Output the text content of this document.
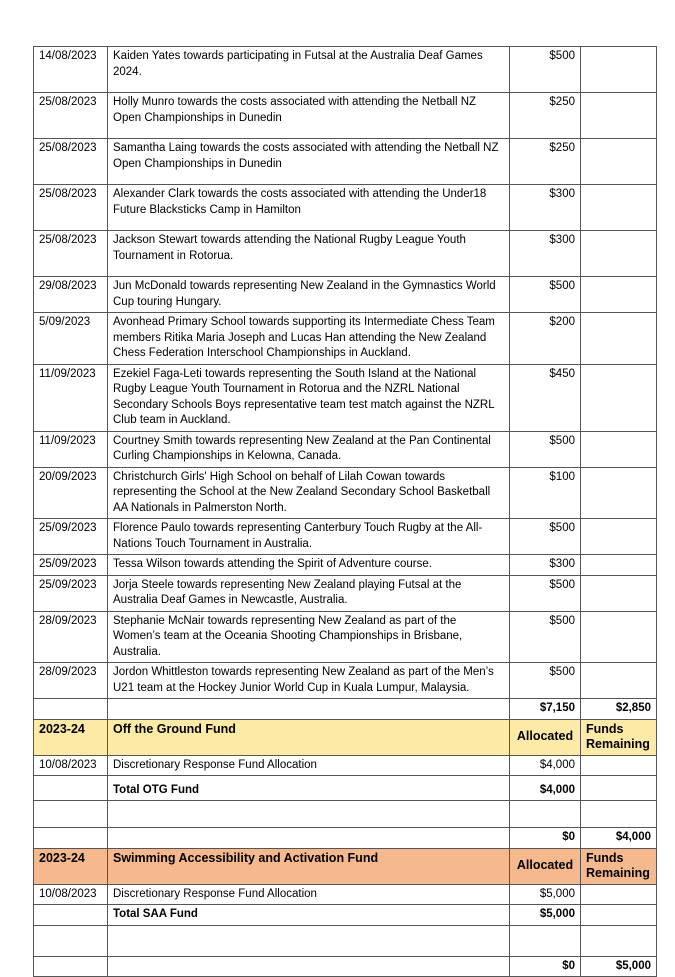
14/08/2023	Kaiden Yates towards participating in Futsal at the Australia Deaf Games 2024.	$500	
25/08/2023	Holly Munro towards the costs associated with attending the Netball NZ Open Championships in Dunedin	$250	
25/08/2023	Samantha Laing towards the costs associated with attending the Netball NZ Open Championships in Dunedin	$250	
25/08/2023	Alexander Clark towards the costs associated with attending the Under18 Future Blacksticks Camp in Hamilton	$300	
25/08/2023	Jackson Stewart towards attending the National Rugby League Youth Tournament in Rotorua.	$300	
29/08/2023	Jun McDonald towards representing New Zealand in the Gymnastics World Cup touring Hungary.	$500	
5/09/2023	Avonhead Primary School towards supporting its Intermediate Chess Team members Ritika Maria Joseph and Lucas Han attending the New Zealand Chess Federation Interschool Championships in Auckland.	$200	
11/09/2023	Ezekiel Faga-Leti towards representing the South Island at the National Rugby League Youth Tournament in Rotorua and the NZRL National Secondary Schools Boys representative team test match against the NZRL Club team in Auckland.	$450	
11/09/2023	Courtney Smith towards representing New Zealand at the Pan Continental Curling Championships in Kelowna, Canada.	$500	
20/09/2023	Christchurch Girls' High School on behalf of Lilah Cowan towards representing the School at the New Zealand Secondary School Basketball AA Nationals in Palmerston North.	$100	
25/09/2023	Florence Paulo towards representing Canterbury Touch Rugby at the All-Nations Touch Tournament in Australia.	$500	
25/09/2023	Tessa Wilson towards attending the Spirit of Adventure course.	$300	
25/09/2023	Jorja Steele towards representing New Zealand playing Futsal at the Australia Deaf Games in Newcastle, Australia.	$500	
28/09/2023	Stephanie McNair towards representing New Zealand as part of the Women’s team at the Oceania Shooting Championships in Brisbane, Australia.	$500	
28/09/2023	Jordon Whittleston towards representing New Zealand as part of the Men’s U21 team at the Hockey Junior World Cup in Kuala Lumpur, Malaysia.	$500	
		$7,150	$2,850
2023-24	Off the Ground Fund	Allocated	Funds Remaining
10/08/2023	Discretionary Response Fund Allocation	$4,000	
	Total OTG Fund	$4,000	

		$0	$4,000
2023-24	Swimming Accessibility and Activation Fund	Allocated	Funds Remaining
10/08/2023	Discretionary Response Fund Allocation	$5,000	
	Total SAA Fund	$5,000	

		$0	$5,000
